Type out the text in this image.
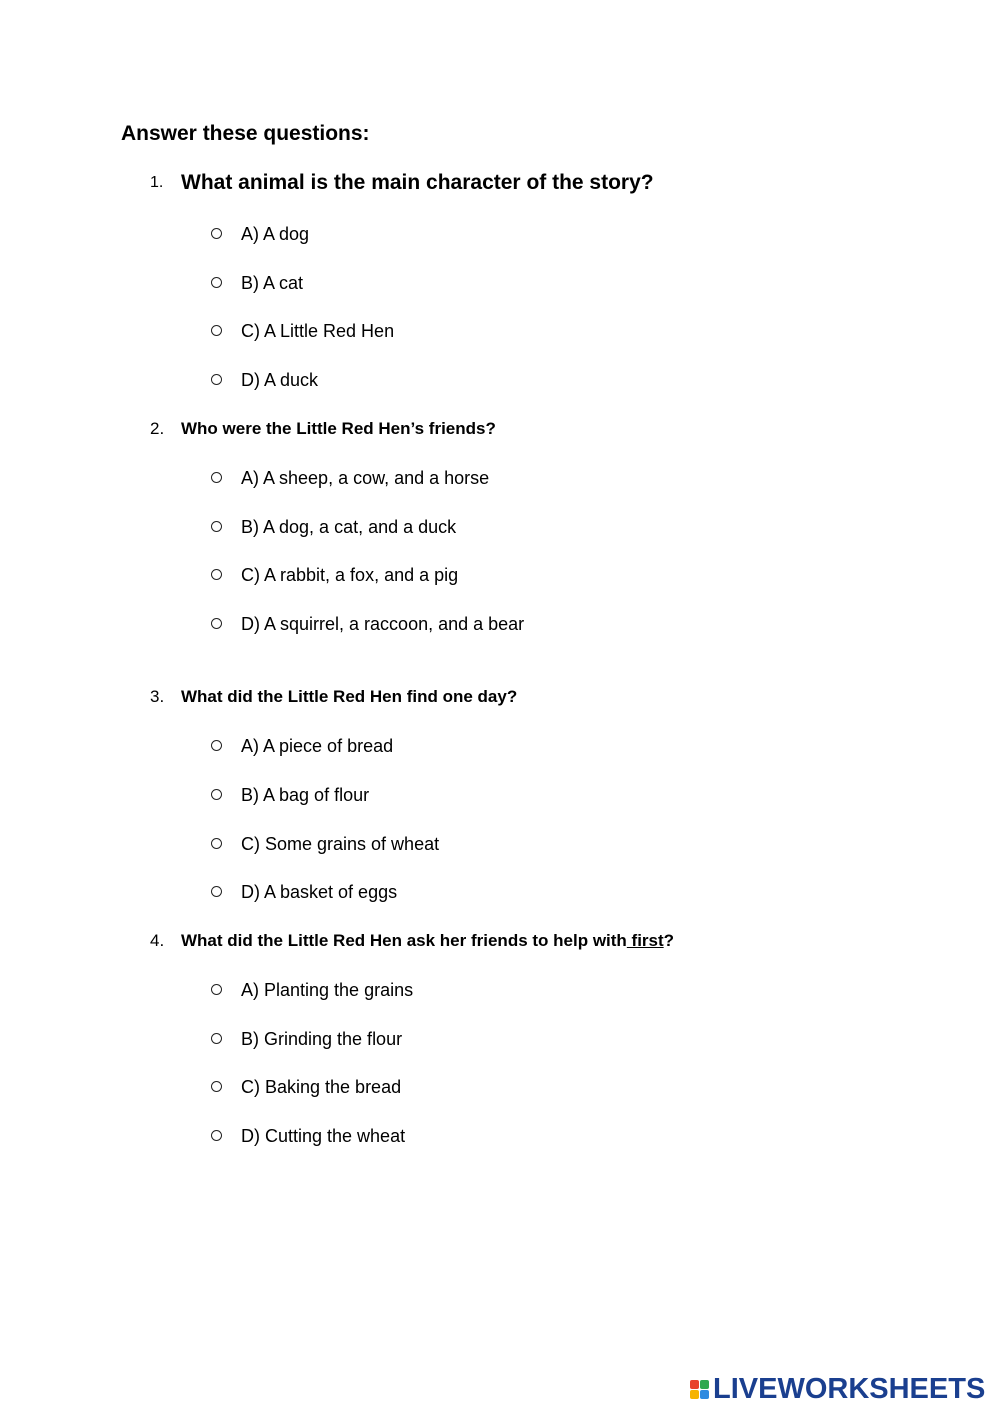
Answer these questions:
1. What animal is the main character of the story?
A) A dog
B) A cat
C) A Little Red Hen
D) A duck
2. Who were the Little Red Hen’s friends?
A) A sheep, a cow, and a horse
B) A dog, a cat, and a duck
C) A rabbit, a fox, and a pig
D) A squirrel, a raccoon, and a bear
3. What did the Little Red Hen find one day?
A) A piece of bread
B) A bag of flour
C) Some grains of wheat
D) A basket of eggs
4. What did the Little Red Hen ask her friends to help with first?
A) Planting the grains
B) Grinding the flour
C) Baking the bread
D) Cutting the wheat
LIVEWORKSHEETS
